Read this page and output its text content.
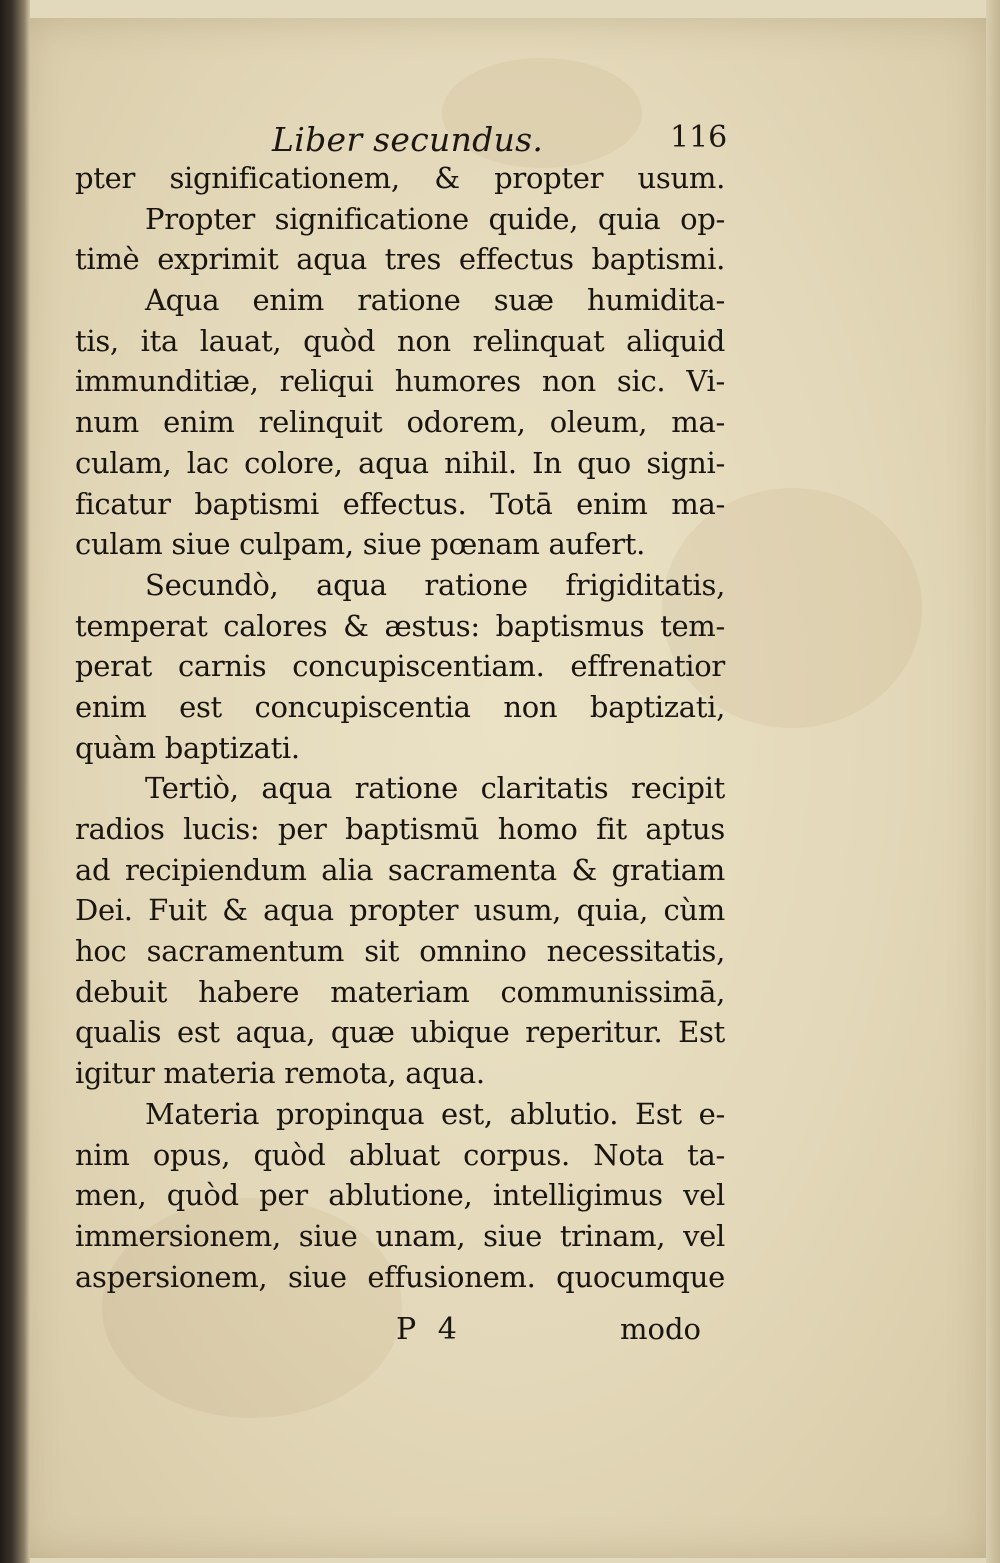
Liber secundus.	116
pter significationem, & propter usum.
Propter significatione quide, quia op-
timè exprimit aqua tres effectus baptismi.
Aqua enim ratione suæ humidita-
tis, ita lauat, quòd non relinquat aliquid
immunditiæ, reliqui humores non sic. Vi-
num enim relinquit odorem, oleum, ma-
culam, lac colore, aqua nihil. In quo signi-
ficatur baptismi effectus. Totā enim ma-
culam siue culpam, siue pœnam aufert.
Secundò, aqua ratione frigiditatis,
temperat calores & æstus: baptismus tem-
perat carnis concupiscentiam. effrenatior
enim est concupiscentia non baptizati,
quàm baptizati.
Tertiò, aqua ratione claritatis recipit
radios lucis: per baptismū homo fit aptus
ad recipiendum alia sacramenta & gratiam
Dei. Fuit & aqua propter usum, quia, cùm
hoc sacramentum sit omnino necessitatis,
debuit habere materiam communissimā,
qualis est aqua, quæ ubique reperitur. Est
igitur materia remota, aqua.
Materia propinqua est, ablutio. Est e-
nim opus, quòd abluat corpus. Nota ta-
men, quòd per ablutione, intelligimus vel
immersionem, siue unam, siue trinam, vel
aspersionem, siue effusionem. quocumque
P 4	modo
